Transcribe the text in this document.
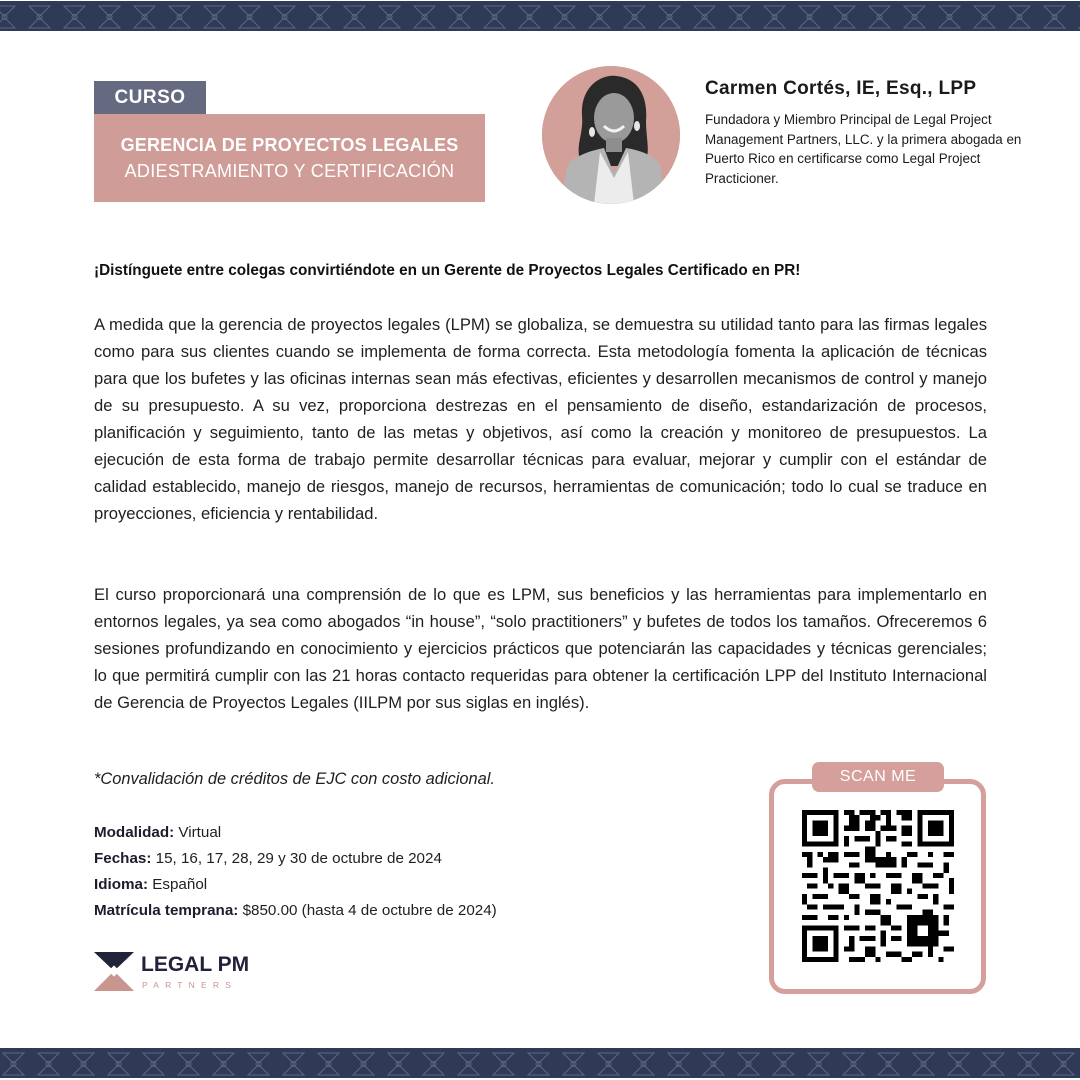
CURSO
GERENCIA DE PROYECTOS LEGALES
ADIESTRAMIENTO Y CERTIFICACIÓN
Carmen Cortés, IE, Esq., LPP
Fundadora y Miembro Principal de Legal Project Management Partners, LLC. y la primera abogada en Puerto Rico en certificarse como Legal Project Practicioner.
¡Distínguete entre colegas convirtiéndote en un Gerente de Proyectos Legales Certificado en PR!

A medida que la gerencia de proyectos legales (LPM) se globaliza, se demuestra su utilidad tanto para las firmas legales como para sus clientes cuando se implementa de forma correcta. Esta metodología fomenta la aplicación de técnicas para que los bufetes y las oficinas internas sean más efectivas, eficientes y desarrollen mecanismos de control y manejo de su presupuesto. A su vez, proporciona destrezas en el pensamiento de diseño, estandarización de procesos, planificación y seguimiento, tanto de las metas y objetivos, así como la creación y monitoreo de presupuestos. La ejecución de esta forma de trabajo permite desarrollar técnicas para evaluar, mejorar y cumplir con el estándar de calidad establecido, manejo de riesgos, manejo de recursos, herramientas de comunicación; todo lo cual se traduce en proyecciones, eficiencia y rentabilidad.

El curso proporcionará una comprensión de lo que es LPM, sus beneficios y las herramientas para implementarlo en entornos legales, ya sea como abogados “in house”, “solo practitioners” y bufetes de todos los tamaños. Ofreceremos 6 sesiones profundizando en conocimiento y ejercicios prácticos que potenciarán las capacidades y técnicas gerenciales; lo que permitirá cumplir con las 21 horas contacto requeridas para obtener la certificación LPP del Instituto Internacional de Gerencia de Proyectos Legales (IILPM por sus siglas en inglés).

*Convalidación de créditos de EJC con costo adicional.
Modalidad: Virtual
Fechas: 15, 16, 17, 28, 29 y 30 de octubre de 2024
Idioma: Español
Matrícula temprana: $850.00 (hasta 4 de octubre de 2024)
LEGAL PM
PARTNERS
SCAN ME
